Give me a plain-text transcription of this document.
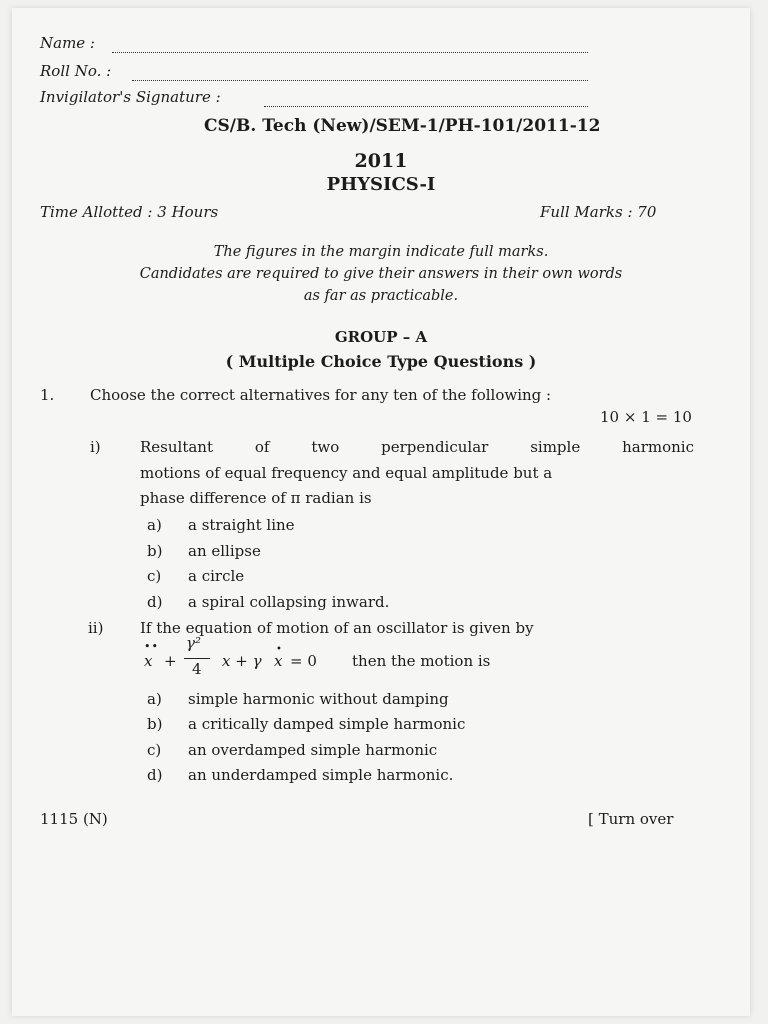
Name :
Roll No. :
Invigilator's Signature :
CS/B. Tech (New)/SEM-1/PH-101/2011-12
2011
PHYSICS-I
Time Allotted : 3 Hours	Full Marks : 70
The figures in the margin indicate full marks.
Candidates are required to give their answers in their own words
as far as practicable.
GROUP – A
( Multiple Choice Type Questions )
1. Choose the correct alternatives for any ten of the following :
10 × 1 = 10
i)	Resultant of two perpendicular simple harmonic
motions of equal frequency and equal amplitude but a
phase difference of π radian is
a) a straight line
b) an ellipse
c) a circle
d) a spiral collapsing inward.
ii) If the equation of motion of an oscillator is given by
••
x +
γ²
4 x + γ
•
x = 0 then the motion is
a) simple harmonic without damping
b) a critically damped simple harmonic
c) an overdamped simple harmonic
d) an underdamped simple harmonic.
1115 (N)	[ Turn over
